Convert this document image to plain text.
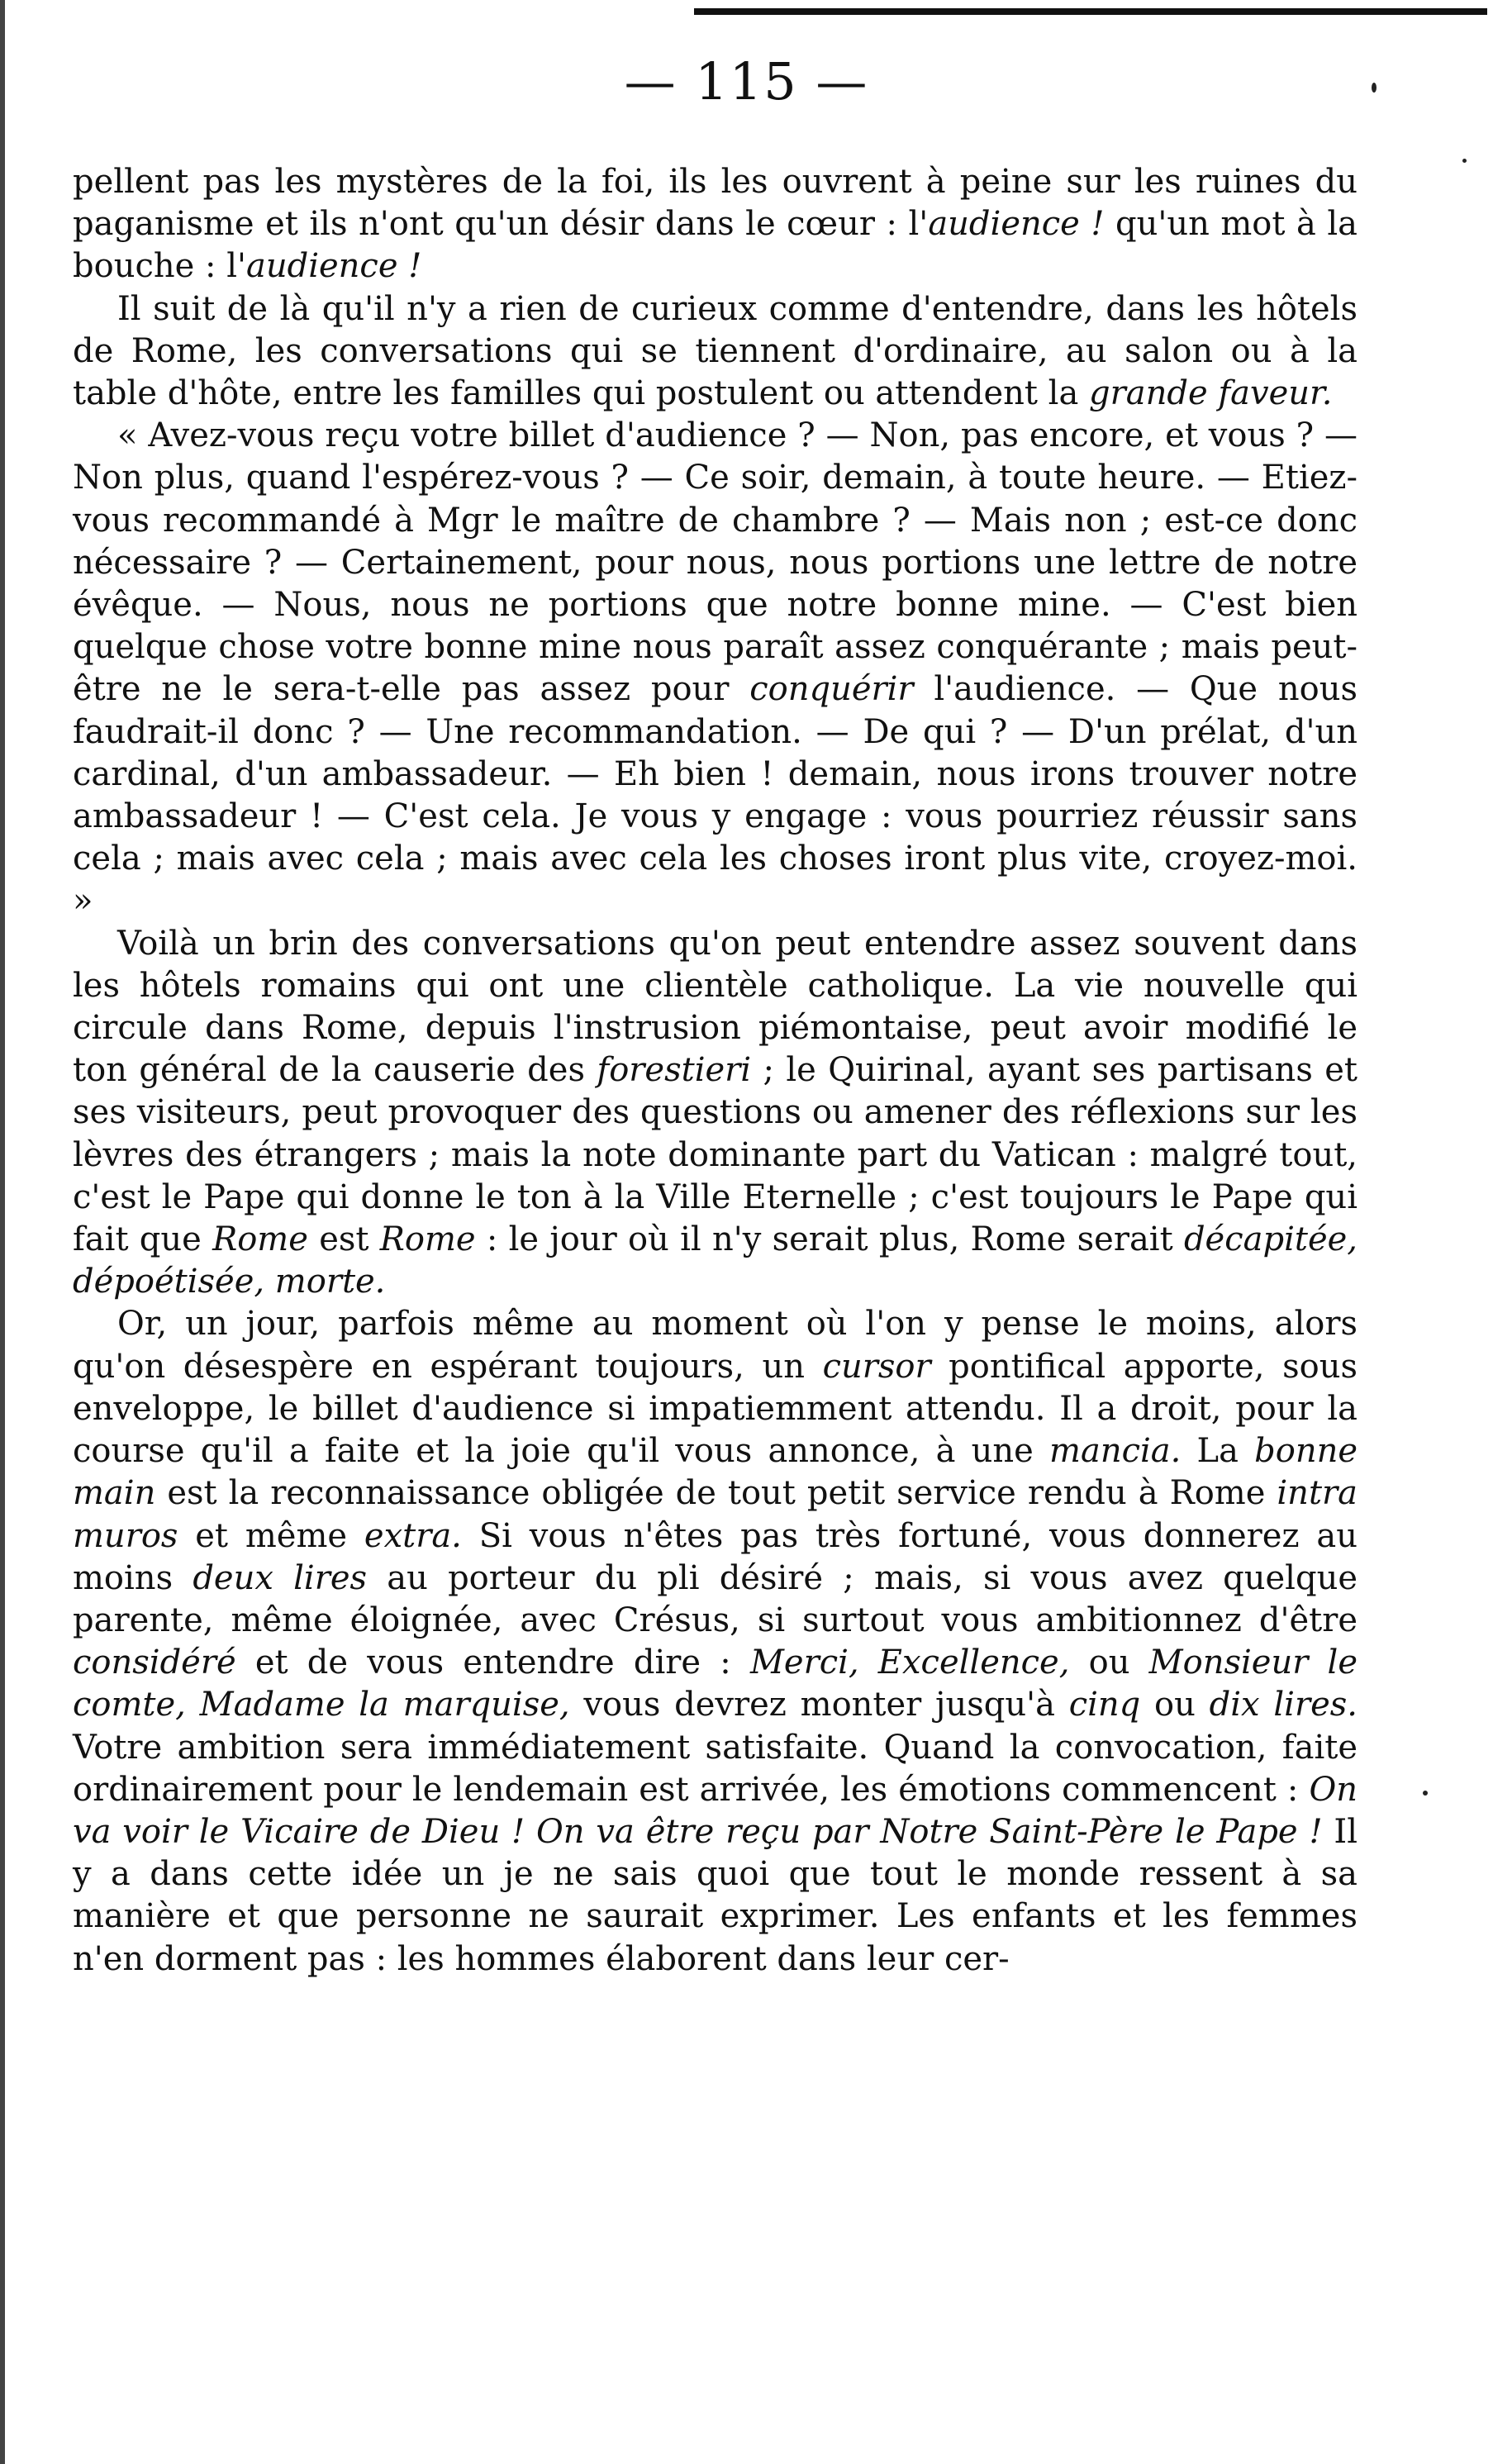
— 115 —

pellent pas les mystères de la foi, ils les ouvrent à peine sur les ruines du paganisme et ils n'ont qu'un désir dans le cœur : l'audience ! qu'un mot à la bouche : l'audience !

Il suit de là qu'il n'y a rien de curieux comme d'entendre, dans les hôtels de Rome, les conversations qui se tiennent d'ordinaire, au salon ou à la table d'hôte, entre les familles qui postulent ou attendent la grande faveur.

« Avez-vous reçu votre billet d'audience ? — Non, pas encore, et vous ? — Non plus, quand l'espérez-vous ? — Ce soir, demain, à toute heure. — Etiez-vous recommandé à Mgr le maître de chambre ? — Mais non ; est-ce donc nécessaire ? — Certainement, pour nous, nous portions une lettre de notre évêque. — Nous, nous ne portions que notre bonne mine. — C'est bien quelque chose votre bonne mine nous paraît assez conquérante ; mais peut-être ne le sera-t-elle pas assez pour conquérir l'audience. — Que nous faudrait-il donc ? — Une recommandation. — De qui ? — D'un prélat, d'un cardinal, d'un ambassadeur. — Eh bien ! demain, nous irons trouver notre ambassadeur ! — C'est cela. Je vous y engage : vous pourriez réussir sans cela ; mais avec cela ; mais avec cela les choses iront plus vite, croyez-moi. »

Voilà un brin des conversations qu'on peut entendre assez souvent dans les hôtels romains qui ont une clientèle catholique. La vie nouvelle qui circule dans Rome, depuis l'instrusion piémontaise, peut avoir modifié le ton général de la causerie des forestieri ; le Quirinal, ayant ses partisans et ses visiteurs, peut provoquer des questions ou amener des réflexions sur les lèvres des étrangers ; mais la note dominante part du Vatican : malgré tout, c'est le Pape qui donne le ton à la Ville Eternelle ; c'est toujours le Pape qui fait que Rome est Rome : le jour où il n'y serait plus, Rome serait décapitée, dépoétisée, morte.

Or, un jour, parfois même au moment où l'on y pense le moins, alors qu'on désespère en espérant toujours, un cursor pontifical apporte, sous enveloppe, le billet d'audience si impatiemment attendu. Il a droit, pour la course qu'il a faite et la joie qu'il vous annonce, à une mancia. La bonne main est la reconnaissance obligée de tout petit service rendu à Rome intra muros et même extra. Si vous n'êtes pas très fortuné, vous donnerez au moins deux lires au porteur du pli désiré ; mais, si vous avez quelque parente, même éloignée, avec Crésus, si surtout vous ambitionnez d'être considéré et de vous entendre dire : Merci, Excellence, ou Monsieur le comte, Madame la marquise, vous devrez monter jusqu'à cinq ou dix lires. Votre ambition sera immédiatement satisfaite. Quand la convocation, faite ordinairement pour le lendemain est arrivée, les émotions commencent : On va voir le Vicaire de Dieu ! On va être reçu par Notre Saint-Père le Pape ! Il y a dans cette idée un je ne sais quoi que tout le monde ressent à sa manière et que personne ne saurait exprimer. Les enfants et les femmes n'en dorment pas : les hommes élaborent dans leur cer-
